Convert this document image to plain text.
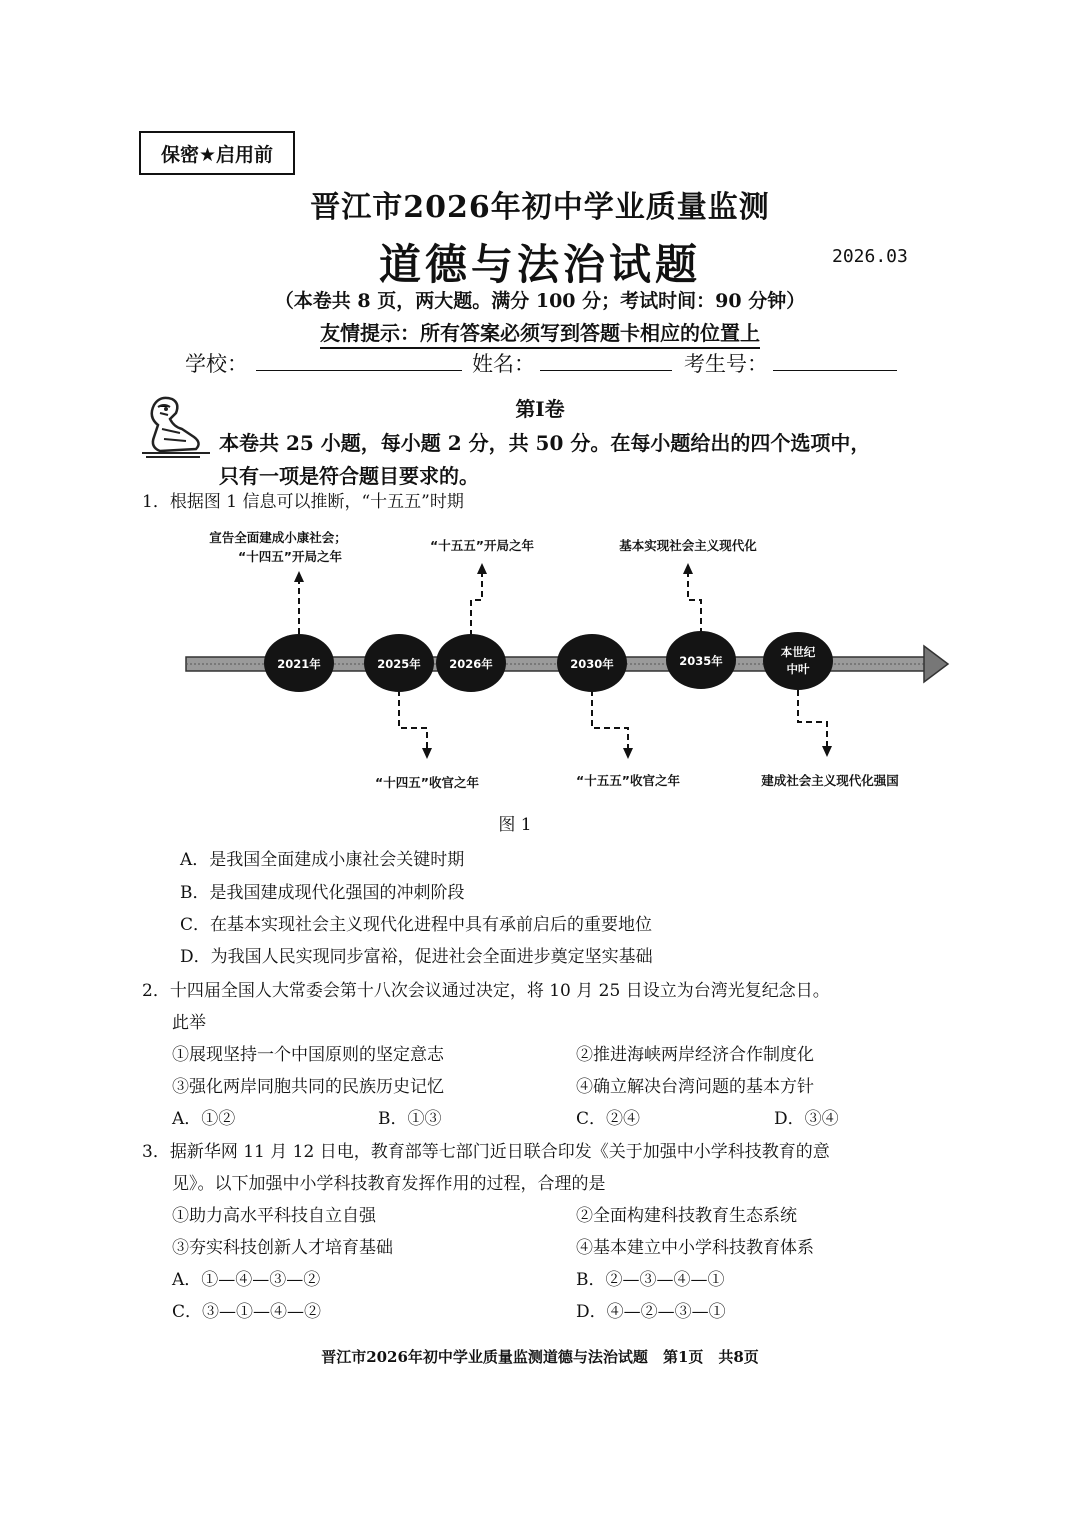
保密★启用前
晋江市2026年初中学业质量监测
道德与法治试题	2026.03
（本卷共 8 页，两大题。满分 100 分；考试时间：90 分钟）
友情提示：所有答案必须写到答题卡相应的位置上
学校：	姓名：	考生号：
第Ⅰ卷
本卷共 25 小题，每小题 2 分，共 50 分。在每小题给出的四个选项中，
只有一项是符合题目要求的。
1．根据图 1 信息可以推断，“十五五”时期
2021年	2025年 2026年	2030年	2035年
本世纪
中叶
宣告全面建成小康社会；
“十四五”开局之年
“十五五”开局之年	基本实现社会主义现代化
“十四五”收官之年	“十五五”收官之年	建成社会主义现代化强国
图 1
A．是我国全面建成小康社会关键时期
B．是我国建成现代化强国的冲刺阶段
C．在基本实现社会主义现代化进程中具有承前启后的重要地位
D．为我国人民实现同步富裕，促进社会全面进步奠定坚实基础
2．十四届全国人大常委会第十八次会议通过决定，将 10 月 25 日设立为台湾光复纪念日。
此举
①展现坚持一个中国原则的坚定意志	②推进海峡两岸经济合作制度化
③强化两岸同胞共同的民族历史记忆	④确立解决台湾问题的基本方针
A．①②	B．①③	C．②④	D．③④
3．据新华网 11 月 12 日电，教育部等七部门近日联合印发《关于加强中小学科技教育的意
见》。以下加强中小学科技教育发挥作用的过程，合理的是
①助力高水平科技自立自强	②全面构建科技教育生态系统
③夯实科技创新人才培育基础	④基本建立中小学科技教育体系
A．①—④—③—②	B．②—③—④—①
C．③—①—④—②	D．④—②—③—①
晋江市2026年初中学业质量监测道德与法治试题　第1页　共8页
